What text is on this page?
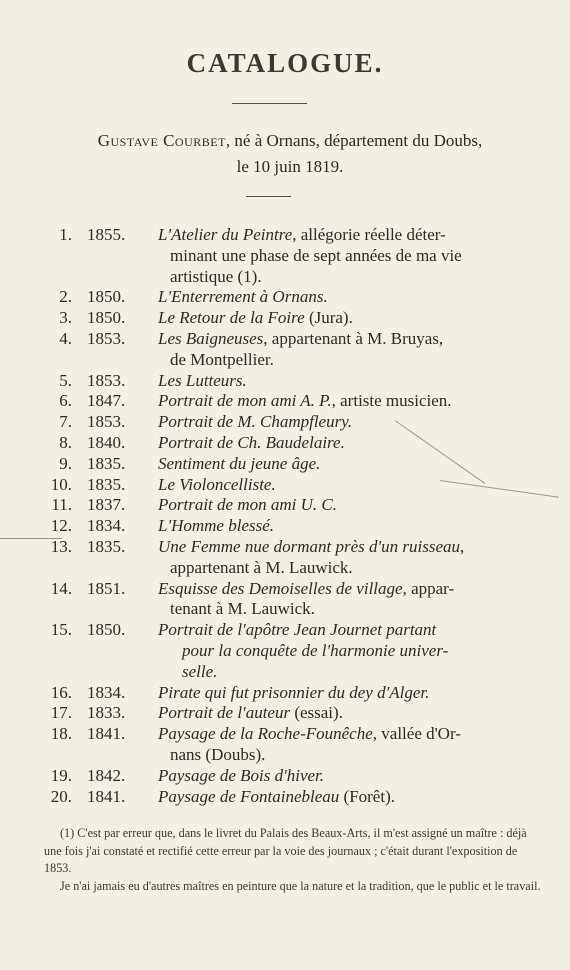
CATALOGUE.
Gustave Courbet, né à Ornans, département du Doubs,
le 10 juin 1819.
1. 1855.	L'Atelier du Peintre, allégorie réelle déter-
minant une phase de sept années de ma vie
artistique (1).
2. 1850.	L'Enterrement à Ornans.
3. 1850.	Le Retour de la Foire (Jura).
4. 1853.	Les Baigneuses, appartenant à M. Bruyas,
de Montpellier.
5. 1853.	Les Lutteurs.
6. 1847.	Portrait de mon ami A. P., artiste musicien.
7. 1853.	Portrait de M. Champfleury.
8. 1840.	Portrait de Ch. Baudelaire.
9. 1835.	Sentiment du jeune âge.
10. 1835.	Le Violoncelliste.
11. 1837.	Portrait de mon ami U. C.
12. 1834.	L'Homme blessé.
13. 1835.	Une Femme nue dormant près d'un ruisseau,
appartenant à M. Lauwick.
14. 1851.	Esquisse des Demoiselles de village, appar-
tenant à M. Lauwick.
15. 1850.	Portrait de l'apôtre Jean Journet partant
pour la conquête de l'harmonie univer-
selle.
16. 1834.	Pirate qui fut prisonnier du dey d'Alger.
17. 1833.	Portrait de l'auteur (essai).
18. 1841.	Paysage de la Roche-Founêche, vallée d'Or-
nans (Doubs).
19. 1842.	Paysage de Bois d'hiver.
20. 1841.	Paysage de Fontainebleau (Forêt).

(1) C'est par erreur que, dans le livret du Palais des Beaux-Arts, il m'est assigné un maître : déjà une fois j'ai constaté et rectifié cette erreur par la voie des journaux ; c'était durant l'exposition de 1853.

Je n'ai jamais eu d'autres maîtres en peinture que la nature et la tradition, que le public et le travail.
